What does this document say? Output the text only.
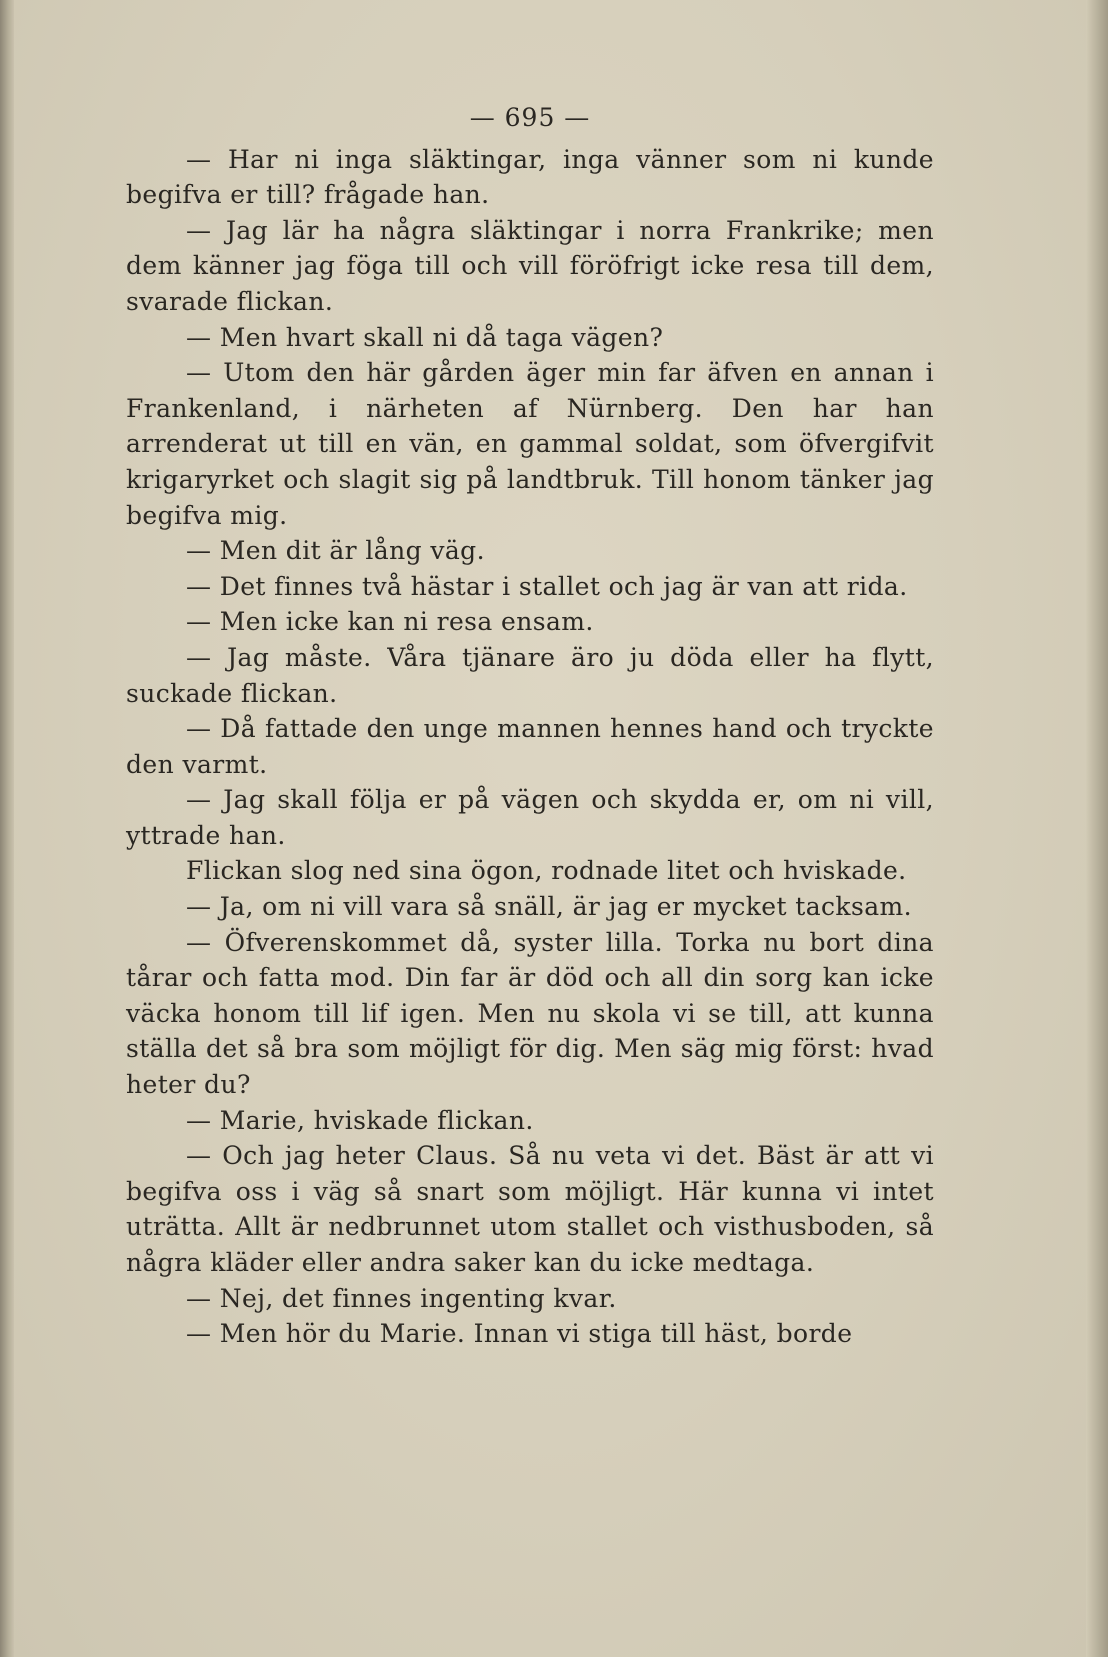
— 695 —

— Har ni inga släktingar, inga vänner som ni kunde begifva er till? frågade han.

— Jag lär ha några släktingar i norra Frankrike; men dem känner jag föga till och vill föröfrigt icke resa till dem, svarade flickan.

— Men hvart skall ni då taga vägen?

— Utom den här gården äger min far äfven en annan i Frankenland, i närheten af Nürnberg. Den har han arrenderat ut till en vän, en gammal soldat, som öfvergifvit krigaryrket och slagit sig på landtbruk. Till honom tänker jag begifva mig.

— Men dit är lång väg.

— Det finnes två hästar i stallet och jag är van att rida.

— Men icke kan ni resa ensam.

— Jag måste. Våra tjänare äro ju döda eller ha flytt, suckade flickan.

— Då fattade den unge mannen hennes hand och tryckte den varmt.

— Jag skall följa er på vägen och skydda er, om ni vill, yttrade han.

Flickan slog ned sina ögon, rodnade litet och hviskade.

— Ja, om ni vill vara så snäll, är jag er mycket tacksam.

— Öfverenskommet då, syster lilla. Torka nu bort dina tårar och fatta mod. Din far är död och all din sorg kan icke väcka honom till lif igen. Men nu skola vi se till, att kunna ställa det så bra som möjligt för dig. Men säg mig först: hvad heter du?

— Marie, hviskade flickan.

— Och jag heter Claus. Så nu veta vi det. Bäst är att vi begifva oss i väg så snart som möjligt. Här kunna vi intet uträtta. Allt är nedbrunnet utom stallet och visthusboden, så några kläder eller andra saker kan du icke medtaga.

— Nej, det finnes ingenting kvar.

— Men hör du Marie. Innan vi stiga till häst, borde
